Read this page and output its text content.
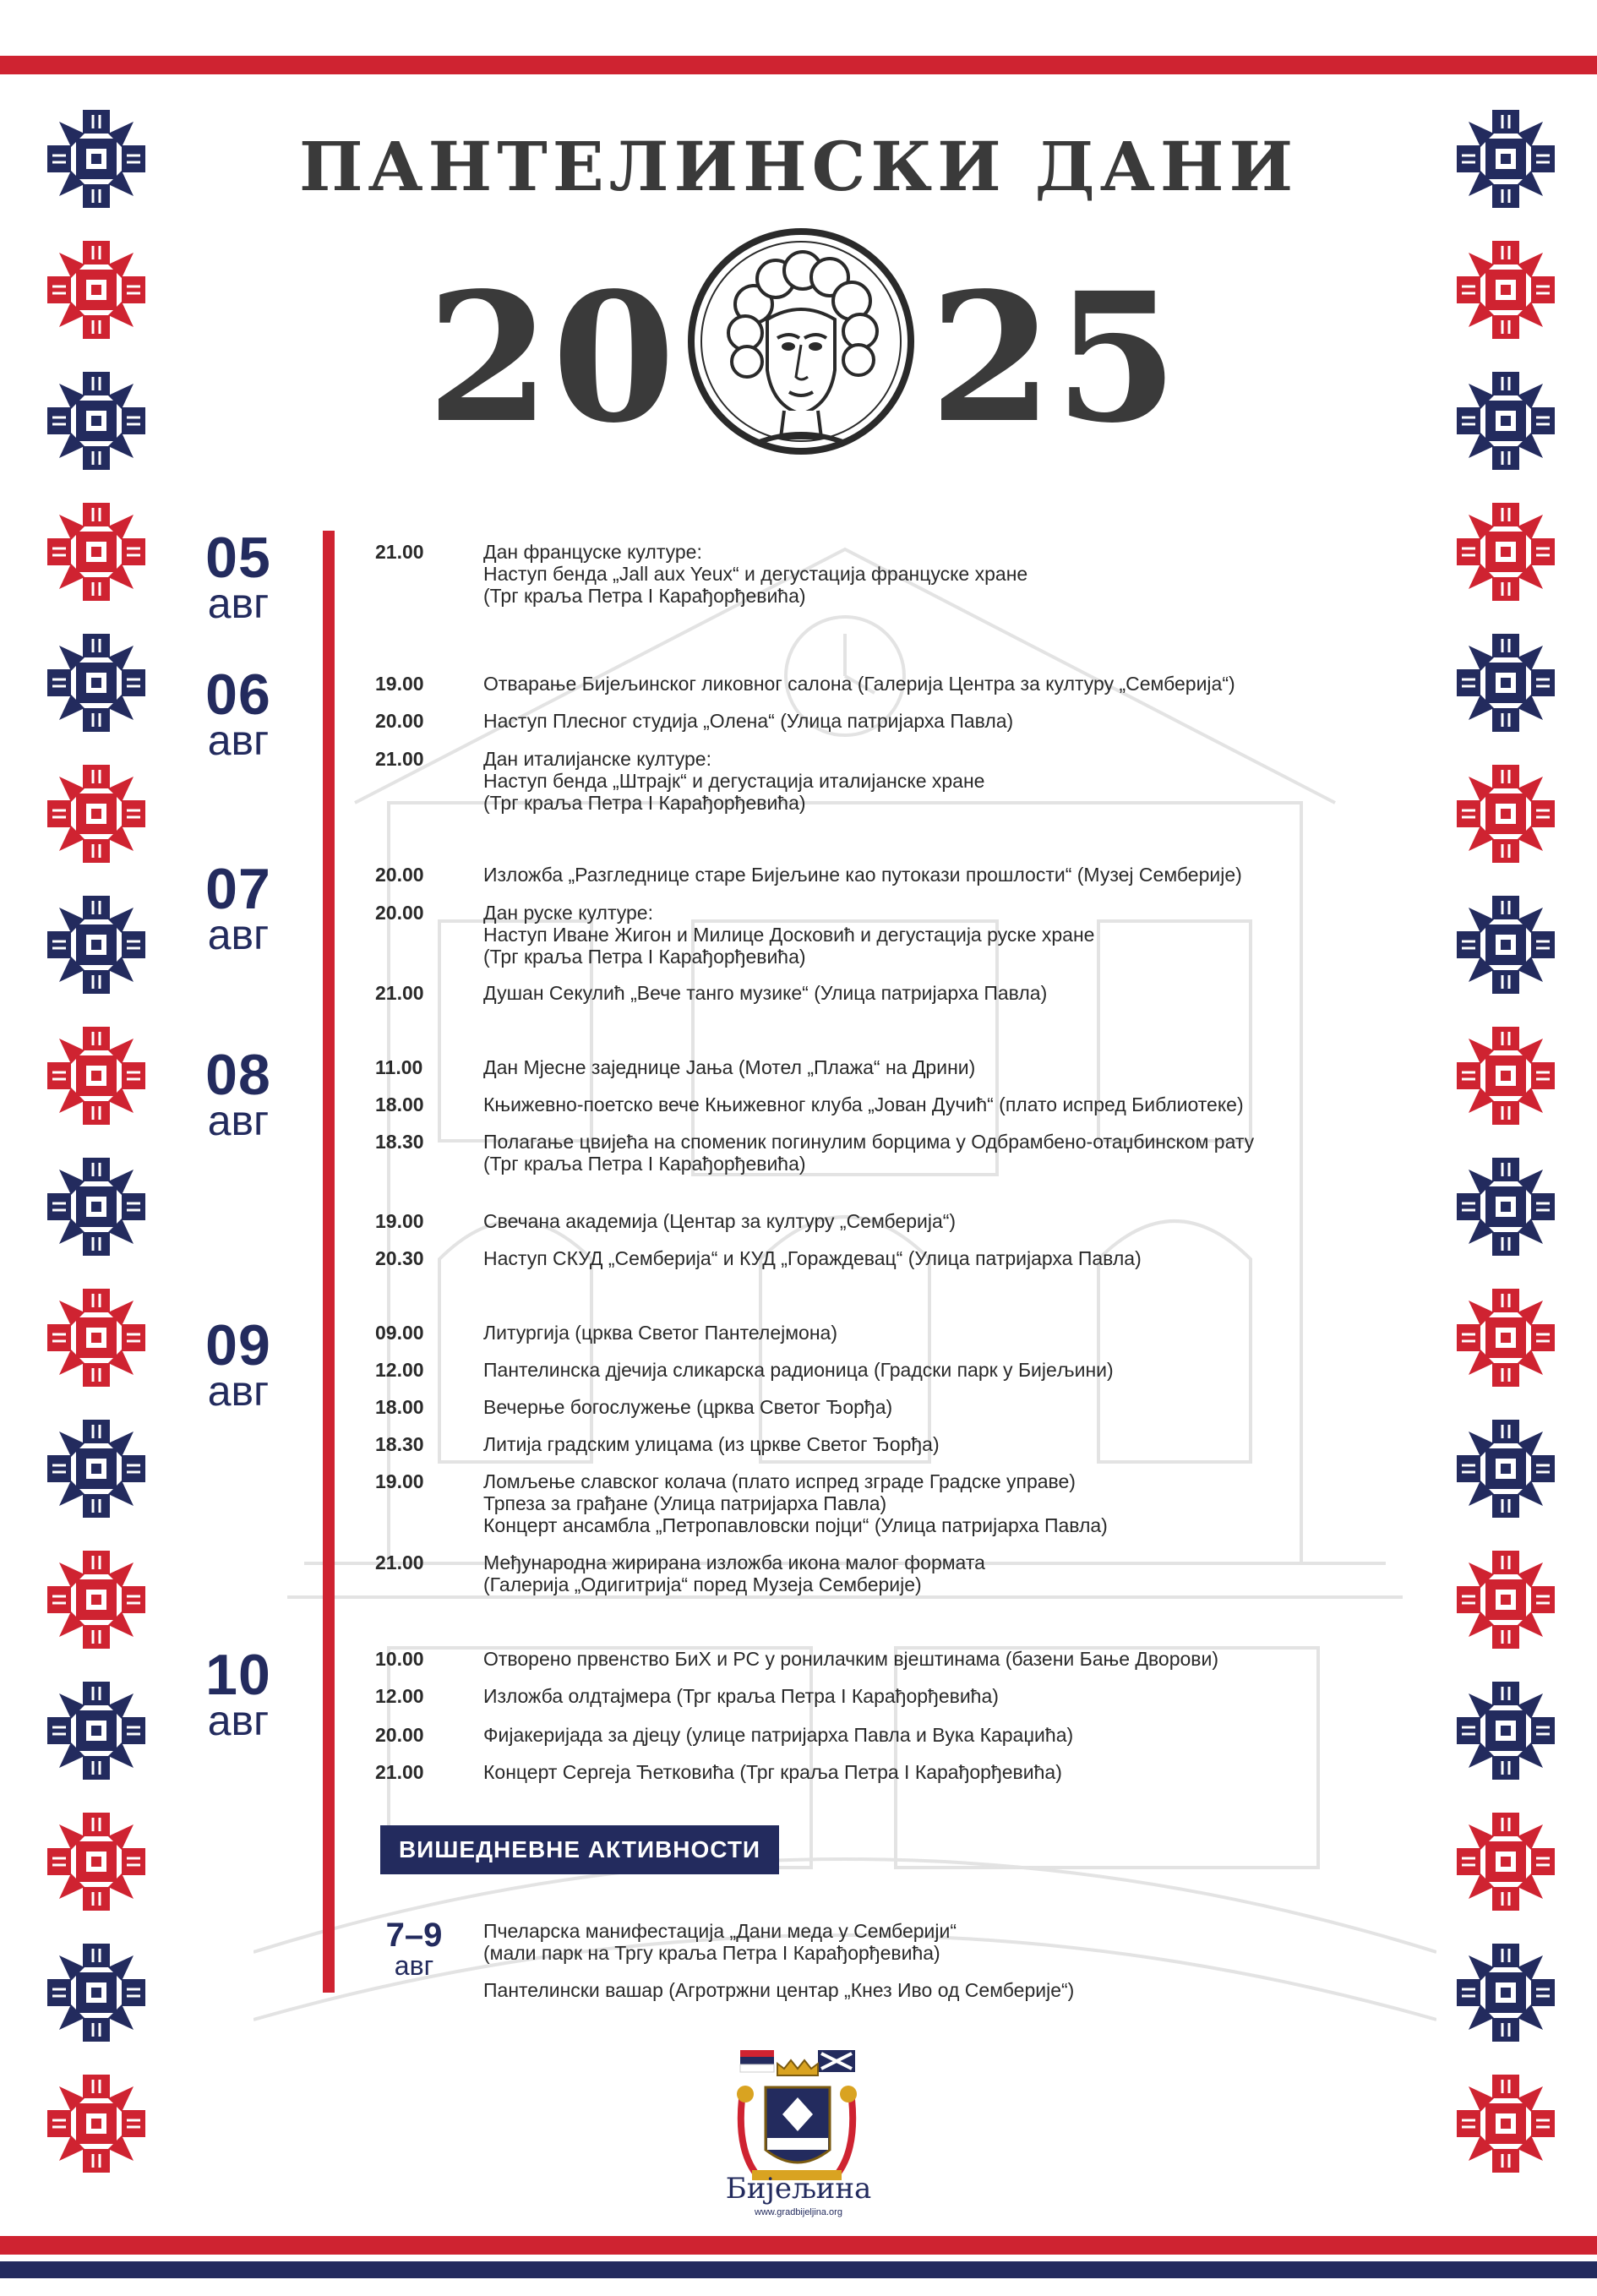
ПАНТЕЛИНСКИ ДАНИ
20 25
05
авг
21.00	Дан француске културе:
Наступ бенда „Jall aux Yeux“ и дегустација француске хране
(Трг краља Петра I Карађорђевића)
06
авг
19.00	Отварање Бијељинског ликовног салона (Галерија Центра за културу „Семберија“)
20.00	Наступ Плесног студија „Олена“ (Улица патријарха Павла)
21.00	Дан италијанске културе:
Наступ бенда „Штрајк“ и дегустација италијанске хране
(Трг краља Петра I Карађорђевића)
07
авг
20.00	Изложба „Разгледнице старе Бијељине као путокази прошлости“ (Музеј Семберије)
20.00	Дан руске културе:
Наступ Иване Жигон и Милице Досковић и дегустација руске хране
(Трг краља Петра I Карађорђевића)
21.00	Душан Секулић „Вече танго музике“ (Улица патријарха Павла)
08
авг
11.00	Дан Мјесне заједнице Јања (Мотел „Плажа“ на Дрини)
18.00	Књижевно-поетско вече Књижевног клуба „Јован Дучић“ (плато испред Библиотеке)
18.30	Полагање цвијећа на споменик погинулим борцима у Одбрамбено-отаџбинском рату
(Трг краља Петра I Карађорђевића)
19.00	Свечана академија (Центар за културу „Семберија“)
20.30	Наступ СКУД „Семберија“ и КУД „Гораждевац“ (Улица патријарха Павла)
09
авг
09.00	Литургија (црква Светог Пантелејмона)
12.00	Пантелинска дјечија сликарска радионица (Градски парк у Бијељини)
18.00	Вечерње богослужење (црква Светог Ђорђа)
18.30	Литија градским улицама (из цркве Светог Ђорђа)
19.00	Ломљење славског колача (плато испред зграде Градске управе)
Трпеза за грађане (Улица патријарха Павла)
Концерт ансамбла „Петропавловски појци“ (Улица патријарха Павла)
21.00	Међународна жирирана изложба икона малог формата
(Галерија „Одигитрија“ поред Музеја Семберије)
10
авг
10.00	Отворено првенство БиХ и РС у ронилачким вјештинама (базени Бање Дворови)
12.00	Изложба олдтајмера (Трг краља Петра I Карађорђевића)
20.00	Фијакеријада за дјецу (улице патријарха Павла и Вука Караџића)
21.00	Концерт Сергеја Ћетковића (Трг краља Петра I Карађорђевића)
ВИШЕДНЕВНЕ АКТИВНОСТИ
7–9
авг
Пчеларска манифестација „Дани меда у Семберији“
(мали парк на Тргу краља Петра I Карађорђевића)
Пантелински вашар (Агротржни центар „Кнез Иво од Семберије“)
Бијељина
www.gradbijeljina.org
